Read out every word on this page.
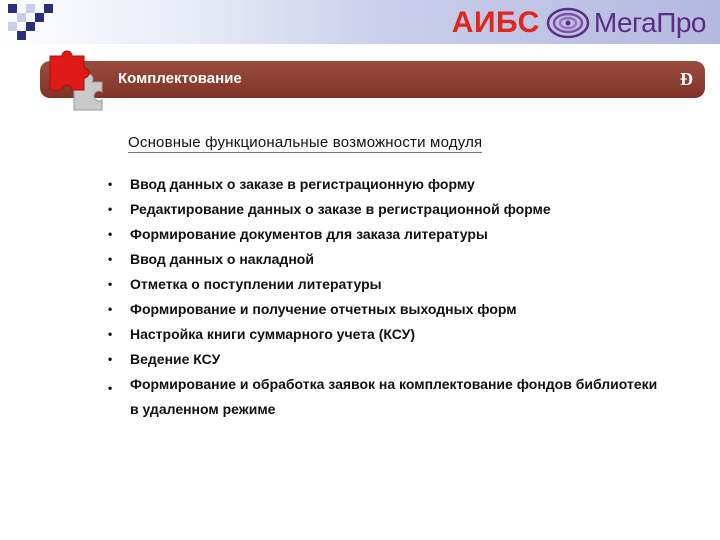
АИБС МегаПро
Комплектование	Ɖ
Основные функциональные возможности модуля
• Ввод данных о заказе в регистрационную форму
• Редактирование данных о заказе в регистрационной форме
• Формирование документов для заказа литературы
• Ввод данных о накладной
• Отметка о поступлении литературы
• Формирование и получение отчетных выходных форм
• Настройка книги суммарного учета (КСУ)
• Ведение КСУ
• Формирование и обработка заявок на комплектование фондов библиотеки в удаленном режиме
